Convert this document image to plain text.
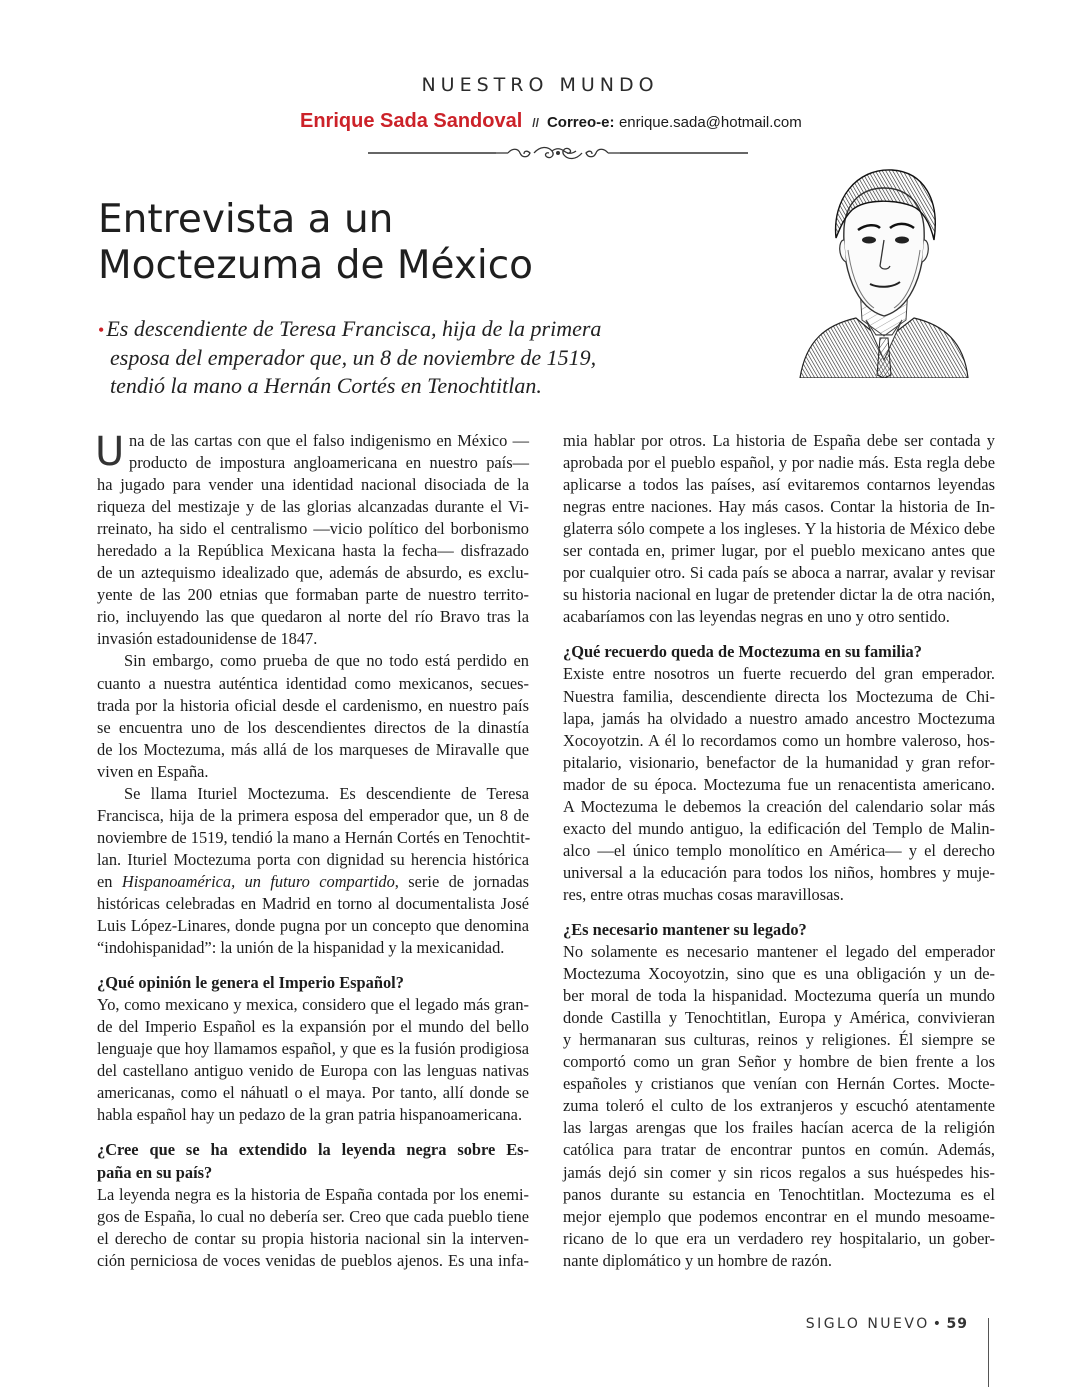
NUESTRO MUNDO
Enrique Sada Sandoval // Correo-e: enrique.sada@hotmail.com
Entrevista a un
Moctezuma de México
•Es descendiente de Teresa Francisca, hija de la primera
esposa del emperador que, un 8 de noviembre de 1519,
tendió la mano a Hernán Cortés en Tenochtitlan.
U na de las cartas con que el falso indigenismo en México —
producto de impostura angloamericana en nuestro país—
ha jugado para vender una identidad nacional disociada de la
riqueza del mestizaje y de las glorias alcanzadas durante el Vi-
rreinato, ha sido el centralismo —vicio político del borbonismo
heredado a la República Mexicana hasta la fecha— disfrazado
de un aztequismo idealizado que, además de absurdo, es exclu-
yente de las 200 etnias que formaban parte de nuestro territo-
rio, incluyendo las que quedaron al norte del río Bravo tras la
invasión estadounidense de 1847.
Sin embargo, como prueba de que no todo está perdido en
cuanto a nuestra auténtica identidad como mexicanos, secues-
trada por la historia oficial desde el cardenismo, en nuestro país
se encuentra uno de los descendientes directos de la dinastía
de los Moctezuma, más allá de los marqueses de Miravalle que
viven en España.
Se llama Ituriel Moctezuma. Es descendiente de Teresa
Francisca, hija de la primera esposa del emperador que, un 8 de
noviembre de 1519, tendió la mano a Hernán Cortés en Tenochtit-
lan. Ituriel Moctezuma porta con dignidad su herencia histórica
en Hispanoamérica, un futuro compartido, serie de jornadas
históricas celebradas en Madrid en torno al documentalista José
Luis López-Linares, donde pugna por un concepto que denomina
“indohispanidad”: la unión de la hispanidad y la mexicanidad.
¿Qué opinión le genera el Imperio Español?
Yo, como mexicano y mexica, considero que el legado más gran-
de del Imperio Español es la expansión por el mundo del bello
lenguaje que hoy llamamos español, y que es la fusión prodigiosa
del castellano antiguo venido de Europa con las lenguas nativas
americanas, como el náhuatl o el maya. Por tanto, allí donde se
habla español hay un pedazo de la gran patria hispanoamericana.
¿Cree que se ha extendido la leyenda negra sobre Es-
paña en su país?
La leyenda negra es la historia de España contada por los enemi-
gos de España, lo cual no debería ser. Creo que cada pueblo tiene
el derecho de contar su propia historia nacional sin la interven-
ción perniciosa de voces venidas de pueblos ajenos. Es una infa-
mia hablar por otros. La historia de España debe ser contada y
aprobada por el pueblo español, y por nadie más. Esta regla debe
aplicarse a todos las países, así evitaremos contarnos leyendas
negras entre naciones. Hay más casos. Contar la historia de In-
glaterra sólo compete a los ingleses. Y la historia de México debe
ser contada en, primer lugar, por el pueblo mexicano antes que
por cualquier otro. Si cada país se aboca a narrar, avalar y revisar
su historia nacional en lugar de pretender dictar la de otra nación,
acabaríamos con las leyendas negras en uno y otro sentido.
¿Qué recuerdo queda de Moctezuma en su familia?
Existe entre nosotros un fuerte recuerdo del gran emperador.
Nuestra familia, descendiente directa los Moctezuma de Chi-
lapa, jamás ha olvidado a nuestro amado ancestro Moctezuma
Xocoyotzin. A él lo recordamos como un hombre valeroso, hos-
pitalario, visionario, benefactor de la humanidad y gran refor-
mador de su época. Moctezuma fue un renacentista americano.
A Moctezuma le debemos la creación del calendario solar más
exacto del mundo antiguo, la edificación del Templo de Malin-
alco —el único templo monolítico en América— y el derecho
universal a la educación para todos los niños, hombres y muje-
res, entre otras muchas cosas maravillosas.
¿Es necesario mantener su legado?
No solamente es necesario mantener el legado del emperador
Moctezuma Xocoyotzin, sino que es una obligación y un de-
ber moral de toda la hispanidad. Moctezuma quería un mundo
donde Castilla y Tenochtitlan, Europa y América, convivieran
y hermanaran sus culturas, reinos y religiones. Él siempre se
comportó como un gran Señor y hombre de bien frente a los
españoles y cristianos que venían con Hernán Cortes. Mocte-
zuma toleró el culto de los extranjeros y escuchó atentamente
las largas arengas que los frailes hacían acerca de la religión
católica para tratar de encontrar puntos en común. Además,
jamás dejó sin comer y sin ricos regalos a sus huéspedes his-
panos durante su estancia en Tenochtitlan. Moctezuma es el
mejor ejemplo que podemos encontrar en el mundo mesoame-
ricano de lo que era un verdadero rey hospitalario, un gober-
nante diplomático y un hombre de razón.
SIGLO NUEVO • 59
